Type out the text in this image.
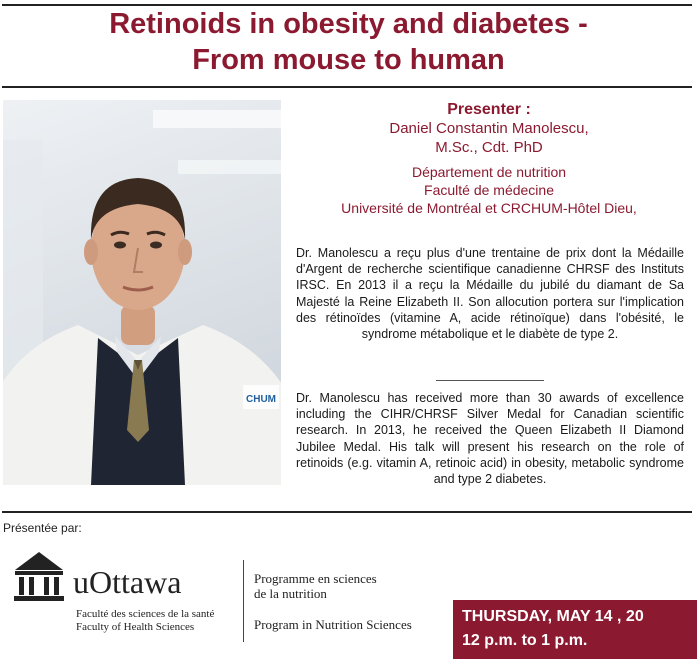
Retinoids in obesity and diabetes -
From mouse to human
CHUM
Presenter :
Daniel Constantin Manolescu,
M.Sc., Cdt. PhD
Département de nutrition
Faculté de médecine
Université de Montréal et CRCHUM-Hôtel Dieu,

Dr. Manolescu a reçu plus d'une trentaine de prix dont la Médaille d'Argent de recherche scientifique canadienne CHRSF des Instituts IRSC. En 2013 il a reçu la Médaille du jubilé du diamant de Sa Majesté la Reine Elizabeth II. Son allocution portera sur l'implication des rétinoïdes (vitamine A, acide rétinoïque) dans l'obésité, le syndrome métabolique et le diabète de type 2.

Dr. Manolescu has received more than 30 awards of excellence including the CIHR/CHRSF Silver Medal for Canadian scientific research. In 2013, he received the Queen Elizabeth II Diamond Jubilee Medal. His talk will present his research on the role of retinoids (e.g. vitamin A, retinoic acid) in obesity, metabolic syndrome and type 2 diabetes.

Présentée par:
uOttawa
Faculté des sciences de la santé
Faculty of Health Sciences
Programme en sciences
de la nutrition
Program in Nutrition Sciences	THURSDAY, MAY 14 , 20
12 p.m. to 1 p.m.
